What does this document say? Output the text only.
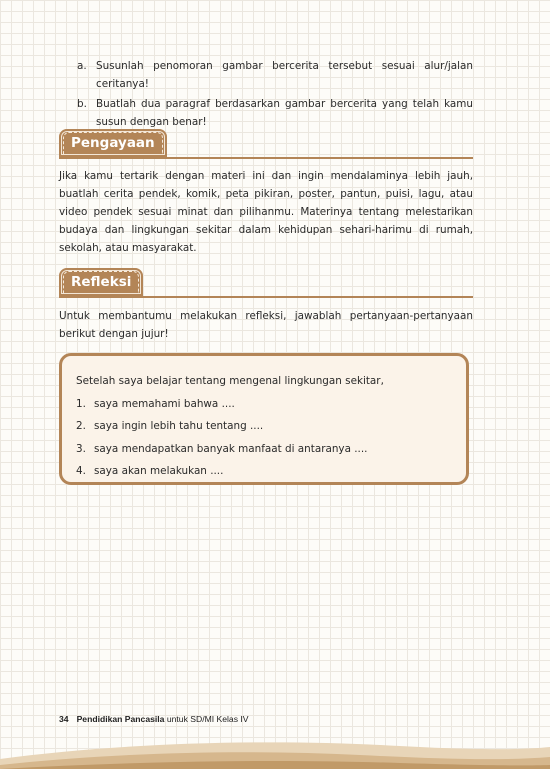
a. Susunlah penomoran gambar bercerita tersebut sesuai alur/jalan ceritanya!
b. Buatlah dua paragraf berdasarkan gambar bercerita yang telah kamu susun dengan benar!
Pengayaan
Jika kamu tertarik dengan materi ini dan ingin mendalaminya lebih jauh, buatlah cerita pendek, komik, peta pikiran, poster, pantun, puisi, lagu, atau video pendek sesuai minat dan pilihanmu. Materinya tentang melestarikan budaya dan lingkungan sekitar dalam kehidupan sehari-harimu di rumah, sekolah, atau masyarakat.
Refleksi
Untuk membantumu melakukan refleksi, jawablah pertanyaan-pertanyaan berikut dengan jujur!

Setelah saya belajar tentang mengenal lingkungan sekitar,

1. saya memahami bahwa ....
2. saya ingin lebih tahu tentang ....
3. saya mendapatkan banyak manfaat di antaranya ....
4. saya akan melakukan ....
34 Pendidikan Pancasila untuk SD/MI Kelas IV
